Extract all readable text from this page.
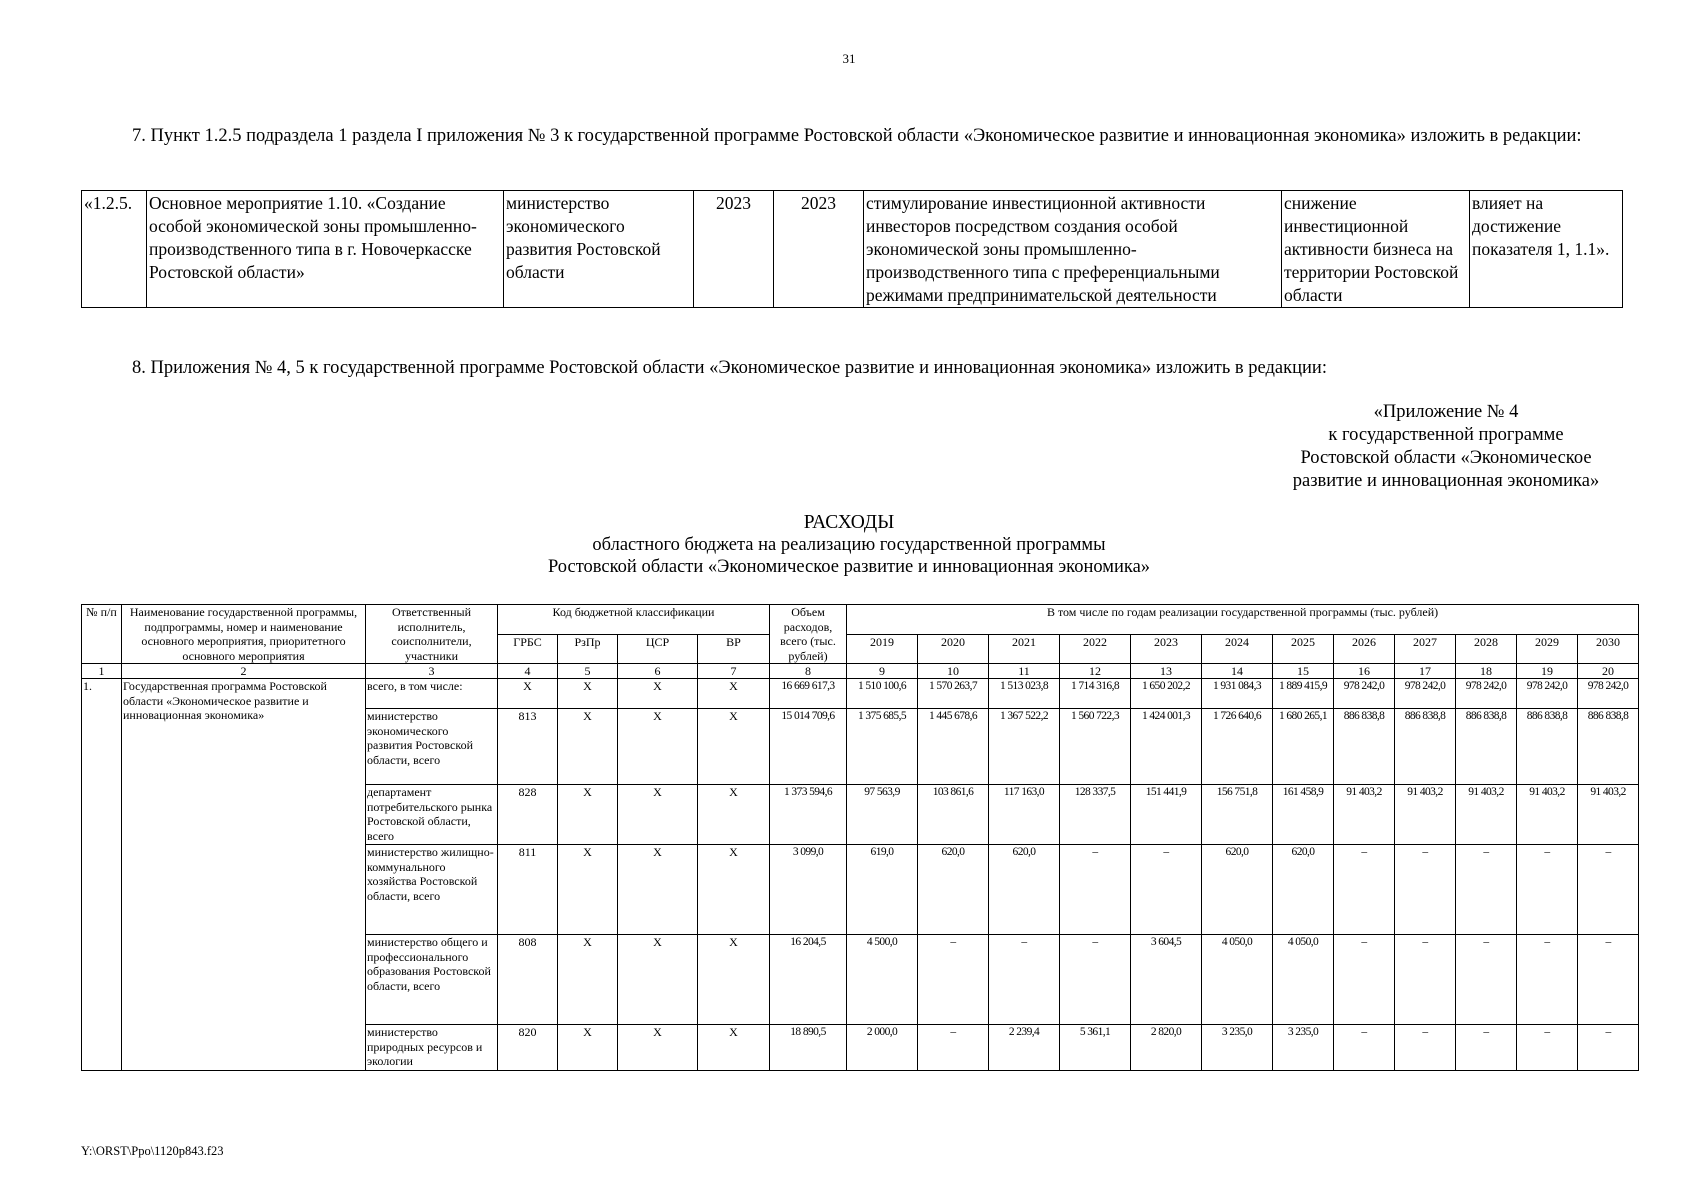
31
7. Пункт 1.2.5 подраздела 1 раздела I приложения № 3 к государственной программе Ростовской области «Экономическое развитие и инновационная экономика» изложить в редакции:
«1.2.5.	Основное мероприятие 1.10. «Создание особой экономической зоны промышленно-производственного типа в г. Новочеркасске Ростовской области»	министерство экономического развития Ростовской области	2023	2023	стимулирование инвестиционной активности инвесторов посредством создания особой экономической зоны промышленно-производственного типа с преференциальными режимами предпринимательской деятельности	снижение инвестиционной активности бизнеса на территории Ростовской области	влияет на достижение показателя 1, 1.1».
8. Приложения № 4, 5 к государственной программе Ростовской области «Экономическое развитие и инновационная экономика» изложить в редакции:
«Приложение № 4
к государственной программе
Ростовской области «Экономическое
развитие и инновационная экономика»
РАСХОДЫ
областного бюджета на реализацию государственной программы
Ростовской области «Экономическое развитие и инновационная экономика»
№ п/п	Наименование государственной программы, подпрограммы, номер и наименование основного мероприятия, приоритетного основного мероприятия	Ответственный исполнитель, соисполнители, участники	Код бюджетной классификации				Объем расходов, всего (тыс. рублей)	В том числе по годам реализации государственной программы (тыс. рублей)											
			ГРБС	РзПр	ЦСР	ВР		2019	2020	2021	2022	2023	2024	2025	2026	2027	2028	2029	2030
1	2	3	4	5	6	7	8	9	10	11	12	13	14	15	16	17	18	19	20
1.	Государственная программа Ростовской области «Экономическое развитие и инновационная экономика»	всего, в том числе:	Х	Х	Х	Х	16 669 617,3	1 510 100,6	1 570 263,7	1 513 023,8	1 714 316,8	1 650 202,2	1 931 084,3	1 889 415,9	978 242,0	978 242,0	978 242,0	978 242,0	978 242,0
		министерство экономического развития Ростовской области, всего	813	Х	Х	Х	15 014 709,6	1 375 685,5	1 445 678,6	1 367 522,2	1 560 722,3	1 424 001,3	1 726 640,6	1 680 265,1	886 838,8	886 838,8	886 838,8	886 838,8	886 838,8
		департамент потребительского рынка Ростовской области, всего	828	Х	Х	Х	1 373 594,6	97 563,9	103 861,6	117 163,0	128 337,5	151 441,9	156 751,8	161 458,9	91 403,2	91 403,2	91 403,2	91 403,2	91 403,2
		министерство жилищно-коммунального хозяйства Ростовской области, всего	811	Х	Х	Х	3 099,0	619,0	620,0	620,0	–	–	620,0	620,0	–	–	–	–	–
		министерство общего и профессионального образования Ростовской области, всего	808	Х	Х	Х	16 204,5	4 500,0	–	–	–	3 604,5	4 050,0	4 050,0	–	–	–	–	–
		министерство природных ресурсов и экологии	820	Х	Х	Х	18 890,5	2 000,0	–	2 239,4	5 361,1	2 820,0	3 235,0	3 235,0	–	–	–	–	–
Y:\ORST\Ppo\1120p843.f23
